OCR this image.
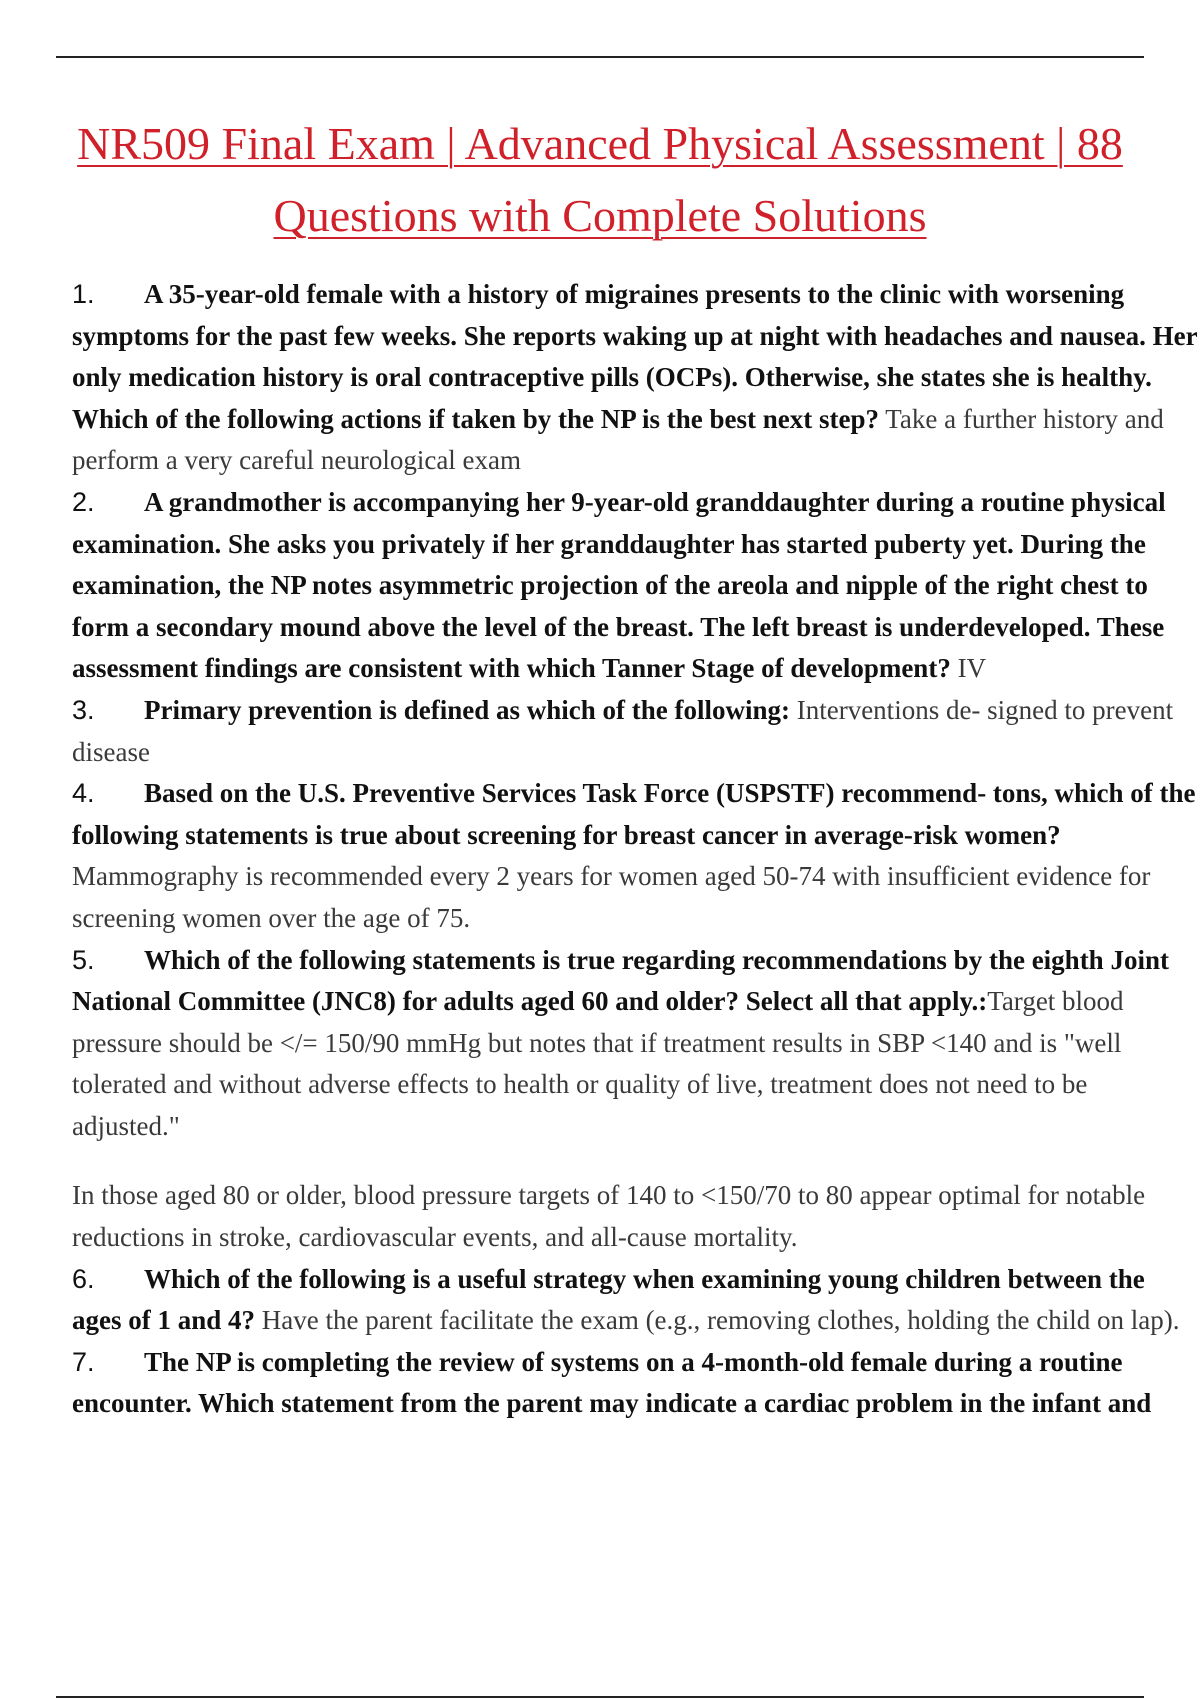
NR509 Final Exam | Advanced Physical Assessment | 88
Questions with Complete Solutions

1. A 35-year-old female with a history of migraines presents to the clinic with worsening symptoms for the past few weeks. She reports waking up at night with headaches and nausea. Her only medication history is oral contraceptive pills (OCPs). Otherwise, she states she is healthy. Which of the following actions if taken by the NP is the best next step? Take a further history and perform a very careful neurological exam

2. A grandmother is accompanying her 9-year-old granddaughter during a routine physical examination. She asks you privately if her granddaughter has started puberty yet. During the examination, the NP notes asymmetric projection of the areola and nipple of the right chest to form a secondary mound above the level of the breast. The left breast is underdeveloped. These assessment findings are consistent with which Tanner Stage of development? IV

3. Primary prevention is defined as which of the following: Interventions de- signed to prevent disease

4. Based on the U.S. Preventive Services Task Force (USPSTF) recommend- tons, which of the following statements is true about screening for breast cancer in average-risk women? Mammography is recommended every 2 years for women aged 50-74 with insufficient evidence for screening women over the age of 75.

5. Which of the following statements is true regarding recommendations by the eighth Joint National Committee (JNC8) for adults aged 60 and older? Select all that apply.:Target blood pressure should be </= 150/90 mmHg but notes that if treatment results in SBP <140 and is "well tolerated and without adverse effects to health or quality of live, treatment does not need to be adjusted."

In those aged 80 or older, blood pressure targets of 140 to <150/70 to 80 appear optimal for notable reductions in stroke, cardiovascular events, and all-cause mortality.

6. Which of the following is a useful strategy when examining young children between the ages of 1 and 4? Have the parent facilitate the exam (e.g., removing clothes, holding the child on lap).

7. The NP is completing the review of systems on a 4-month-old female during a routine encounter. Which statement from the parent may indicate a cardiac problem in the infant and
